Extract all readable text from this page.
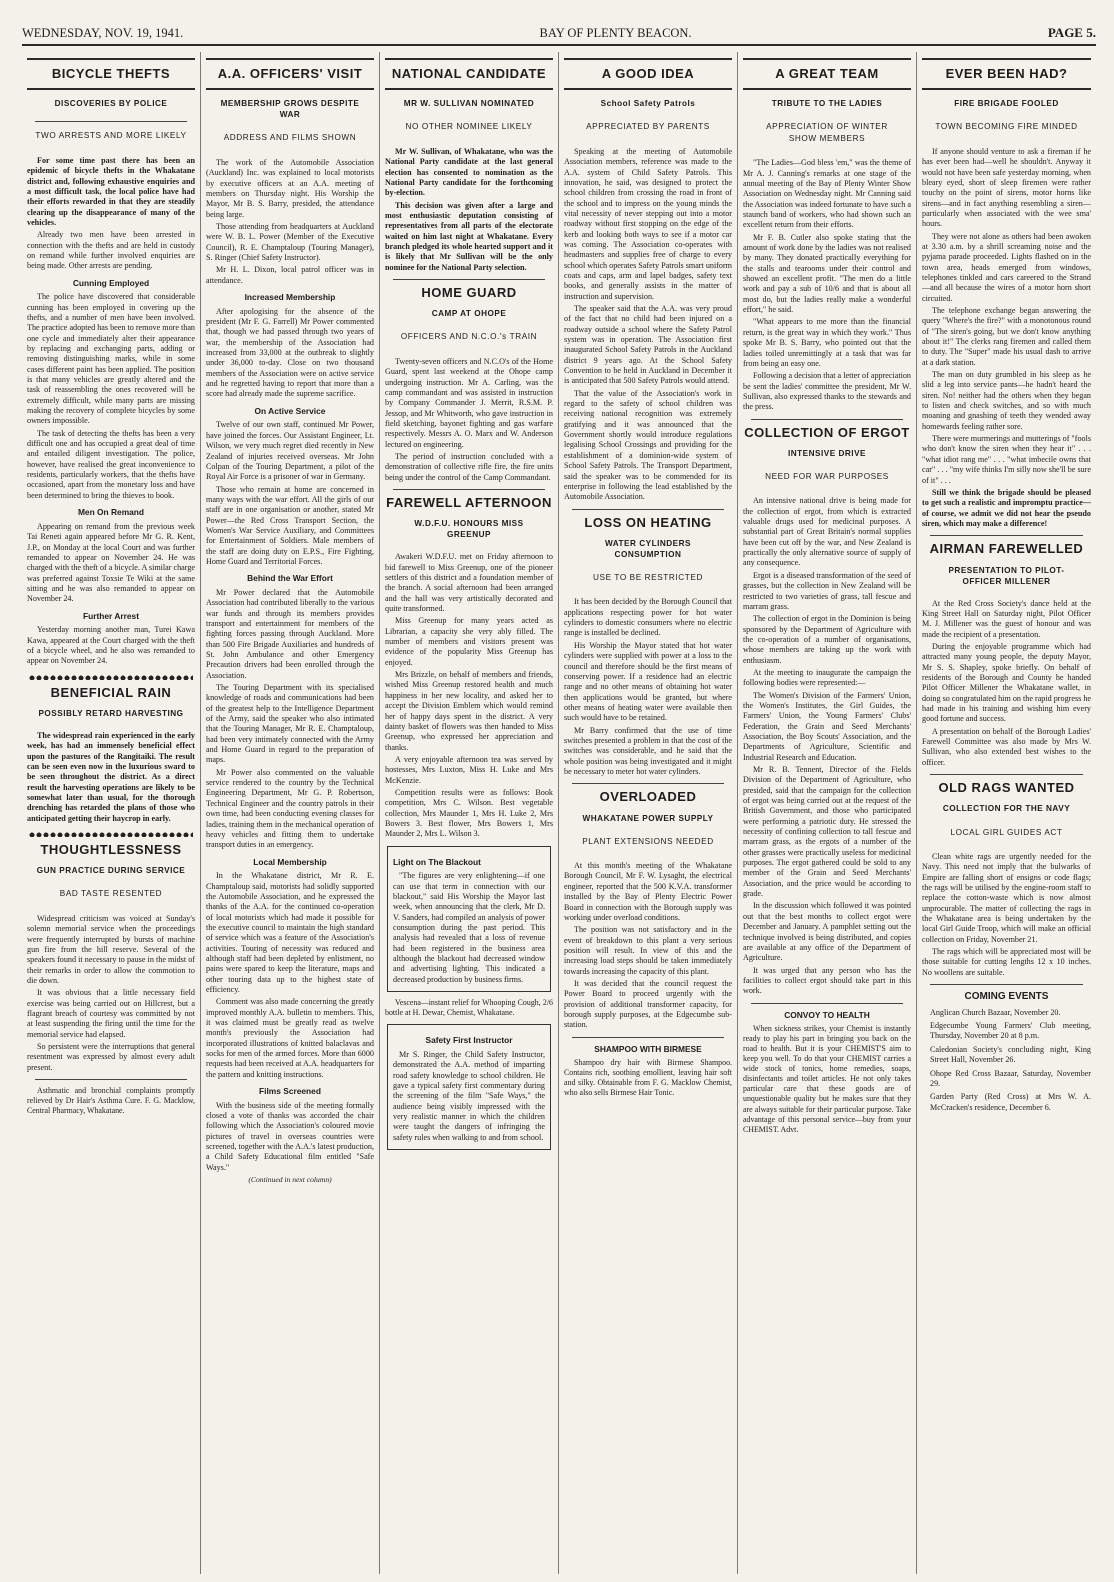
WEDNESDAY, NOV. 19, 1941.	BAY OF PLENTY BEACON.	PAGE 5.
BICYCLE THEFTS
DISCOVERIES BY POLICE
TWO ARRESTS AND MORE LIKELY

For some time past there has been an epidemic of bicycle thefts in the Whakatane district and, following exhaustive enquiries and a most difficult task, the local police have had their efforts rewarded in that they are steadily clearing up the disappearance of many of the vehicles.

Already two men have been arrested in connection with the thefts and are held in custody on remand while further involved enquiries are being made. Other arrests are pending.

Cunning Employed

The police have discovered that considerable cunning has been employed in covering up the thefts, and a number of men have been involved. The practice adopted has been to remove more than one cycle and immediately alter their appearance by replacing and exchanging parts, adding or removing distinguishing marks, while in some cases different paint has been applied. The position is that many vehicles are greatly altered and the task of reassembling the ones recovered will be extremely difficult, while many parts are missing making the recovery of complete bicycles by some owners impossible.

The task of detecting the thefts has been a very difficult one and has occupied a great deal of time and entailed diligent investigation. The police, however, have realised the great inconvenience to residents, particularly workers, that the thefts have occasioned, apart from the monetary loss and have been determined to bring the thieves to book.

Men On Remand

Appearing on remand from the previous week Tai Reneti again appeared before Mr G. R. Kent, J.P., on Monday at the local Court and was further remanded to appear on November 24. He was charged with the theft of a bicycle. A similar charge was preferred against Toxsie Te Wiki at the same sitting and he was also remanded to appear on November 24.

Further Arrest

Yesterday morning another man, Turei Kawa Kawa, appeared at the Court charged with the theft of a bicycle wheel, and he also was remanded to appear on November 24.

BENEFICIAL RAIN
POSSIBLY RETARD HARVESTING

The widespread rain experienced in the early week, has had an immensely beneficial effect upon the pastures of the Rangitaiki. The result can be seen even now in the luxurious sward to be seen throughout the district. As a direct result the harvesting operations are likely to be somewhat later than usual, for the thorough drenching has retarded the plans of those who anticipated getting their haycrop in early.

THOUGHTLESSNESS
GUN PRACTICE DURING SERVICE
BAD TASTE RESENTED

Widespread criticism was voiced at Sunday's solemn memorial service when the proceedings were frequently interrupted by bursts of machine gun fire from the hill reserve. Several of the speakers found it necessary to pause in the midst of their remarks in order to allow the commotion to die down.

It was obvious that a little necessary field exercise was being carried out on Hillcrest, but a flagrant breach of courtesy was committed by not at least suspending the firing until the time for the memorial service had elapsed.

So persistent were the interruptions that general resentment was expressed by almost every adult present.

Asthmatic and bronchial complaints promptly relieved by Dr Hair's Asthma Cure. F. G. Macklow, Central Pharmacy, Whakatane.

A.A. OFFICERS' VISIT
MEMBERSHIP GROWS DESPITE WAR
ADDRESS AND FILMS SHOWN

The work of the Automobile Association (Auckland) Inc. was explained to local motorists by executive officers at an A.A. meeting of members on Thursday night. His Worship the Mayor, Mr B. S. Barry, presided, the attendance being large.

Those attending from headquarters at Auckland were W. B. L. Power (Member of the Executive Council), R. E. Champtaloup (Touring Manager), S. Ringer (Chief Safety Instructor).

Mr H. L. Dixon, local patrol officer was in attendance.

Increased Membership

After apologising for the absence of the president (Mr F. G. Farrell) Mr Power commented that, though we had passed through two years of war, the membership of the Association had increased from 33,000 at the outbreak to slightly under 36,000 to-day. Close on two thousand members of the Association were on active service and he regretted having to report that more than a score had already made the supreme sacrifice.

On Active Service

Twelve of our own staff, continued Mr Power, have joined the forces. Our Assistant Engineer, Lt. Wilson, we very much regret died recently in New Zealand of injuries received overseas. Mr John Colpan of the Touring Department, a pilot of the Royal Air Force is a prisoner of war in Germany.

Those who remain at home are concerned in many ways with the war effort. All the girls of our staff are in one organisation or another, stated Mr Power—the Red Cross Transport Section, the Women's War Service Auxiliary, and Committees for Entertainment of Soldiers. Male members of the staff are doing duty on E.P.S., Fire Fighting, Home Guard and Territorial Forces.

Behind the War Effort

Mr Power declared that the Automobile Association had contributed liberally to the various war funds and through its members provides transport and entertainment for members of the fighting forces passing through Auckland. More than 500 Fire Brigade Auxiliaries and hundreds of St. John Ambulance and other Emergency Precaution drivers had been enrolled through the Association.

The Touring Department with its specialised knowledge of roads and communications had been of the greatest help to the Intelligence Department of the Army, said the speaker who also intimated that the Touring Manager, Mr R. E. Champtaloup, had been very intimately connected with the Army and Home Guard in regard to the preparation of maps.

Mr Power also commented on the valuable service rendered to the country by the Technical Engineering Department, Mr G. P. Robertson, Technical Engineer and the country patrols in their own time, had been conducting evening classes for ladies, training them in the mechanical operation of heavy vehicles and fitting them to undertake transport duties in an emergency.

Local Membership

In the Whakatane district, Mr R. E. Champtaloup said, motorists had solidly supported the Automobile Association, and he expressed the thanks of the A.A. for the continued co-operation of local motorists which had made it possible for the executive council to maintain the high standard of service which was a feature of the Association's activities. Touring of necessity was reduced and although staff had been depleted by enlistment, no pains were spared to keep the literature, maps and other touring data up to the highest state of efficiency.

Comment was also made concerning the greatly improved monthly A.A. bulletin to members. This, it was claimed must be greatly read as twelve month's previously the Association had incorporated illustrations of knitted balaclavas and socks for men of the armed forces. More than 6000 requests had been received at A.A. headquarters for the pattern and knitting instructions.

Films Screened

With the business side of the meeting formally closed a vote of thanks was accorded the chair following which the Association's coloured movie pictures of travel in overseas countries were screened, together with the A.A.'s latest production, a Child Safety Educational film entitled "Safe Ways."

(Continued in next column)
NATIONAL CANDIDATE
MR W. SULLIVAN NOMINATED
NO OTHER NOMINEE LIKELY

Mr W. Sullivan, of Whakatane, who was the National Party candidate at the last general election has consented to nomination as the National Party candidate for the forthcoming by-election.

This decision was given after a large and most enthusiastic deputation consisting of representatives from all parts of the electorate waited on him last night at Whakatane. Every branch pledged its whole hearted support and it is likely that Mr Sullivan will be the only nominee for the National Party selection.

HOME GUARD
CAMP AT OHOPE
OFFICERS AND N.C.O.'s TRAIN

Twenty-seven officers and N.C.O's of the Home Guard, spent last weekend at the Ohope camp undergoing instruction. Mr A. Carling, was the camp commandant and was assisted in instruction by Company Commander J. Merrit, R.S.M. P. Jessop, and Mr Whitworth, who gave instruction in field sketching, bayonet fighting and gas warfare respectively. Messrs A. O. Marx and W. Anderson lectured on engineering.

The period of instruction concluded with a demonstration of collective rifle fire, the fire units being under the control of the Camp Commandant.

FAREWELL AFTERNOON
W.D.F.U. HONOURS MISS GREENUP

Awakeri W.D.F.U. met on Friday afternoon to bid farewell to Miss Greenup, one of the pioneer settlers of this district and a foundation member of the branch. A social afternoon had been arranged and the hall was very artistically decorated and quite transformed.

Miss Greenup for many years acted as Librarian, a capacity she very ably filled. The number of members and visitors present was evidence of the popularity Miss Greenup has enjoyed.

Mrs Brizzle, on behalf of members and friends, wished Miss Greenup restored health and much happiness in her new locality, and asked her to accept the Division Emblem which would remind her of happy days spent in the district. A very dainty basket of flowers was then handed to Miss Greenup, who expressed her appreciation and thanks.

A very enjoyable afternoon tea was served by hostesses, Mrs Luxton, Miss H. Luke and Mrs McKenzie.

Competition results were as follows: Book competition, Mrs C. Wilson. Best vegetable collection, Mrs Maunder 1, Mrs H. Luke 2, Mrs Bowers 3. Best flower, Mrs Bowers 1, Mrs Maunder 2, Mrs L. Wilson 3.

Light on The Blackout

"The figures are very enlightening—if one can use that term in connection with our blackout," said His Worship the Mayor last week, when announcing that the clerk, Mr D. V. Sanders, had compiled an analysis of power consumption during the past period. This analysis had revealed that a loss of revenue had been registered in the business area although the blackout had decreased window and advertising lighting. This indicated a decreased production by business firms.

Vescena—instant relief for Whooping Cough, 2/6 bottle at H. Dewar, Chemist, Whakatane.

Safety First Instructor

Mr S. Ringer, the Child Safety Instructor, demonstrated the A.A. method of imparting road safety knowledge to school children. He gave a typical safety first commentary during the screening of the film "Safe Ways," the audience being visibly impressed with the very realistic manner in which the children were taught the dangers of infringing the safety rules when walking to and from school.

A GOOD IDEA
School Safety Patrols
APPRECIATED BY PARENTS

Speaking at the meeting of Automobile Association members, reference was made to the A.A. system of Child Safety Patrols. This innovation, he said, was designed to protect the school children from crossing the road in front of the school and to impress on the young minds the vital necessity of never stepping out into a motor roadway without first stopping on the edge of the kerb and looking both ways to see if a motor car was coming. The Association co-operates with headmasters and supplies free of charge to every school which operates Safety Patrols smart uniform coats and caps, arm and lapel badges, safety text books, and generally assists in the matter of instruction and supervision.

The speaker said that the A.A. was very proud of the fact that no child had been injured on a roadway outside a school where the Safety Patrol system was in operation. The Association first inaugurated School Safety Patrols in the Auckland district 9 years ago. At the School Safety Convention to be held in Auckland in December it is anticipated that 500 Safety Patrols would attend.

That the value of the Association's work in regard to the safety of school children was receiving national recognition was extremely gratifying and it was announced that the Government shortly would introduce regulations legalising School Crossings and providing for the establishment of a dominion-wide system of School Safety Patrols. The Transport Department, said the speaker was to be commended for its enterprise in following the lead established by the Automobile Association.

LOSS ON HEATING
WATER CYLINDERS CONSUMPTION
USE TO BE RESTRICTED

It has been decided by the Borough Council that applications respecting power for hot water cylinders to domestic consumers where no electric range is installed be declined.

His Worship the Mayor stated that hot water cylinders were supplied with power at a loss to the council and therefore should be the first means of conserving power. If a residence had an electric range and no other means of obtaining hot water then applications would be granted, but where other means of heating water were available then such would have to be retained.

Mr Barry confirmed that the use of time switches presented a problem in that the cost of the switches was considerable, and he said that the whole position was being investigated and it might be necessary to meter hot water cylinders.

OVERLOADED
WHAKATANE POWER SUPPLY
PLANT EXTENSIONS NEEDED

At this month's meeting of the Whakatane Borough Council, Mr F. W. Lysaght, the electrical engineer, reported that the 500 K.V.A. transformer installed by the Bay of Plenty Electric Power Board in connection with the Borough supply was working under overload conditions.

The position was not satisfactory and in the event of breakdown to this plant a very serious position will result. In view of this and the increasing load steps should be taken immediately towards increasing the capacity of this plant.

It was decided that the council request the Power Board to proceed urgently with the provision of additional transformer capacity, for borough supply purposes, at the Edgecumbe sub-station.

SHAMPOO WITH BIRMESE

Shampoo dry hair with Birmese Shampoo. Contains rich, soothing emollient, leaving hair soft and silky. Obtainable from F. G. Macklow Chemist, who also sells Birmese Hair Tonic.

A GREAT TEAM
TRIBUTE TO THE LADIES
APPRECIATION OF WINTER SHOW MEMBERS

"The Ladies—God bless 'em," was the theme of Mr A. J. Canning's remarks at one stage of the annual meeting of the Bay of Plenty Winter Show Association on Wednesday night. Mr Canning said the Association was indeed fortunate to have such a staunch band of workers, who had shown such an excellent return from their efforts.

Mr F. B. Cutler also spoke stating that the amount of work done by the ladies was not realised by many. They donated practically everything for the stalls and tearooms under their control and showed an excellent profit. "The men do a little work and pay a sub of 10/6 and that is about all most do, but the ladies really make a wonderful effort," he said.

"What appears to me more than the financial return, is the great way in which they work." Thus spoke Mr B. S. Barry, who pointed out that the ladies toiled unremittingly at a task that was far from being an easy one.

Following a decision that a letter of appreciation be sent the ladies' committee the president, Mr W. Sullivan, also expressed thanks to the stewards and the press.

COLLECTION OF ERGOT
INTENSIVE DRIVE
NEED FOR WAR PURPOSES

An intensive national drive is being made for the collection of ergot, from which is extracted valuable drugs used for medicinal purposes. A substantial part of Great Britain's normal supplies have been cut off by the war, and New Zealand is practically the only alternative source of supply of any consequence.

Ergot is a diseased transformation of the seed of grasses, but the collection in New Zealand will be restricted to two varieties of grass, tall fescue and marram grass.

The collection of ergot in the Dominion is being sponsored by the Department of Agriculture with the co-operation of a number of organisations, whose members are taking up the work with enthusiasm.

At the meeting to inaugurate the campaign the following bodies were represented:—

The Women's Division of the Farmers' Union, the Women's Institutes, the Girl Guides, the Farmers' Union, the Young Farmers' Clubs' Federation, the Grain and Seed Merchants' Association, the Boy Scouts' Association, and the Departments of Agriculture, Scientific and Industrial Research and Education.

Mr R. B. Tennent, Director of the Fields Division of the Department of Agriculture, who presided, said that the campaign for the collection of ergot was being carried out at the request of the British Government, and those who participated were performing a patriotic duty. He stressed the necessity of confining collection to tall fescue and marram grass, as the ergots of a number of the other grasses were practically useless for medicinal purposes. The ergot gathered could be sold to any member of the Grain and Seed Merchants' Association, and the price would be according to grade.

In the discussion which followed it was pointed out that the best months to collect ergot were December and January. A pamphlet setting out the technique involved is being distributed, and copies are available at any office of the Department of Agriculture.

It was urged that any person who has the facilities to collect ergot should take part in this work.

CONVOY TO HEALTH

When sickness strikes, your Chemist is instantly ready to play his part in bringing you back on the road to health. But it is your CHEMIST'S aim to keep you well. To do that your CHEMIST carries a wide stock of tonics, home remedies, soaps, disinfectants and toilet articles. He not only takes particular care that these goods are of unquestionable quality but he makes sure that they are always suitable for their particular purpose. Take advantage of this personal service—buy from your CHEMIST. Advt.

EVER BEEN HAD?
FIRE BRIGADE FOOLED
TOWN BECOMING FIRE MINDED

If anyone should venture to ask a fireman if he has ever been had—well he shouldn't. Anyway it would not have been safe yesterday morning, when bleary eyed, short of sleep firemen were rather touchy on the point of sirens, motor horns like sirens—and in fact anything resembling a siren—particularly when associated with the wee sma' hours.

They were not alone as others had been awoken at 3.30 a.m. by a shrill screaming noise and the pyjama parade proceeded. Lights flashed on in the town area, heads emerged from windows, telephones tinkled and cars careered to the Strand—and all because the wires of a motor horn short circuited.

The telephone exchange began answering the query "Where's the fire?" with a monotonous round of "The siren's going, but we don't know anything about it!" The clerks rang firemen and called them to duty. The "Super" made his usual dash to arrive at a dark station.

The man on duty grumbled in his sleep as he slid a leg into service pants—he hadn't heard the siren. No! neither had the others when they began to listen and check switches, and so with much moaning and gnashing of teeth they wended away homewards feeling rather sore.

There were murmerings and mutterings of "fools who don't know the siren when they hear it" . . . "what idiot rang me" . . . "what imbecile owns that car" . . . "my wife thinks I'm silly now she'll be sure of it" . . .

Still we think the brigade should be pleased to get such a realistic and impromptu practice—of course, we admit we did not hear the pseudo siren, which may make a difference!

AIRMAN FAREWELLED
PRESENTATION TO PILOT-OFFICER MILLENER

At the Red Cross Society's dance held at the King Street Hall on Saturday night, Pilot Officer M. J. Millener was the guest of honour and was made the recipient of a presentation.

During the enjoyable programme which had attracted many young people, the deputy Mayor, Mr S. S. Shapley, spoke briefly. On behalf of residents of the Borough and County he handed Pilot Officer Millener the Whakatane wallet, in doing so congratulated him on the rapid progress he had made in his training and wishing him every good fortune and success.

A presentation on behalf of the Borough Ladies' Farewell Committee was also made by Mrs W. Sullivan, who also extended best wishes to the officer.

OLD RAGS WANTED
COLLECTION FOR THE NAVY
LOCAL GIRL GUIDES ACT

Clean white rags are urgently needed for the Navy. This need not imply that the bulwarks of Empire are falling short of ensigns or code flags; the rags will be utilised by the engine-room staff to replace the cotton-waste which is now almost unprocurable. The matter of collecting the rags in the Whakatane area is being undertaken by the local Girl Guide Troop, which will make an official collection on Friday, November 21.

The rags which will be appreciated most will be those suitable for cutting lengths 12 x 10 inches. No woollens are suitable.

COMING EVENTS

Anglican Church Bazaar, November 20.

Edgecumbe Young Farmers' Club meeting, Thursday, November 20 at 8 p.m.

Caledonian Society's concluding night, King Street Hall, November 26.

Ohope Red Cross Bazaar, Saturday, November 29.

Garden Party (Red Cross) at Mrs W. A. McCracken's residence, December 6.
